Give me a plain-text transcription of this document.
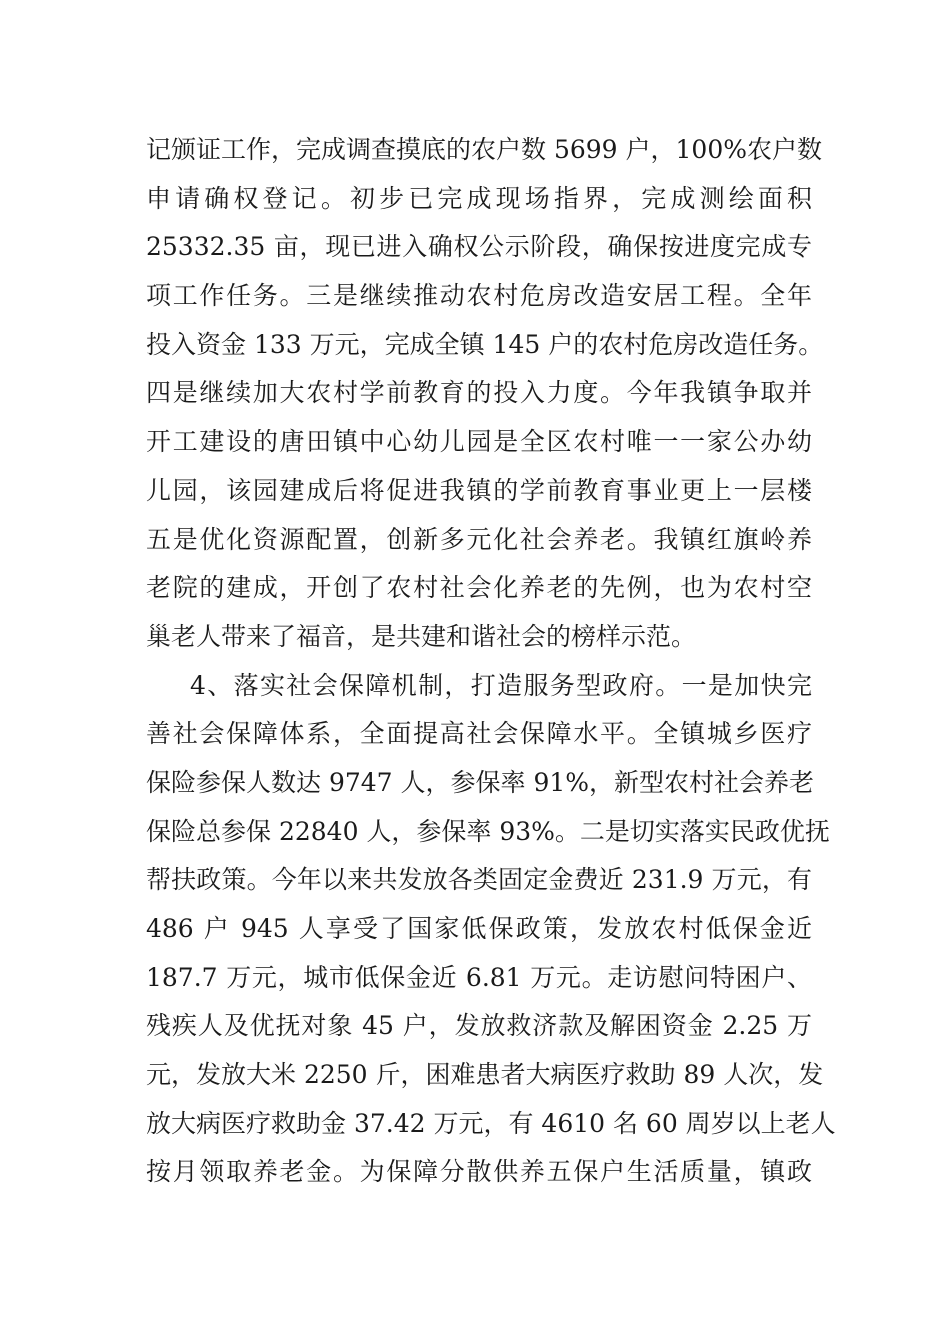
记颁证工作，完成调查摸底的农户数 5699 户，100%农户数
申请确权登记。初步已完成现场指界，完成测绘面积
25332.35 亩，现已进入确权公示阶段，确保按进度完成专
项工作任务。三是继续推动农村危房改造安居工程。全年
投入资金 133 万元，完成全镇 145 户的农村危房改造任务。
四是继续加大农村学前教育的投入力度。今年我镇争取并
开工建设的唐田镇中心幼儿园是全区农村唯一一家公办幼
儿园，该园建成后将促进我镇的学前教育事业更上一层楼
五是优化资源配置，创新多元化社会养老。我镇红旗岭养
老院的建成，开创了农村社会化养老的先例，也为农村空
巢老人带来了福音，是共建和谐社会的榜样示范。
4、落实社会保障机制，打造服务型政府。一是加快完
善社会保障体系，全面提高社会保障水平。全镇城乡医疗
保险参保人数达 9747 人，参保率 91%，新型农村社会养老
保险总参保 22840 人，参保率 93%。二是切实落实民政优抚
帮扶政策。今年以来共发放各类固定金费近 231.9 万元，有
486 户 945 人享受了国家低保政策，发放农村低保金近
187.7 万元，城市低保金近 6.81 万元。走访慰问特困户、
残疾人及优抚对象 45 户，发放救济款及解困资金 2.25 万
元，发放大米 2250 斤，困难患者大病医疗救助 89 人次，发
放大病医疗救助金 37.42 万元，有 4610 名 60 周岁以上老人
按月领取养老金。为保障分散供养五保户生活质量，镇政
